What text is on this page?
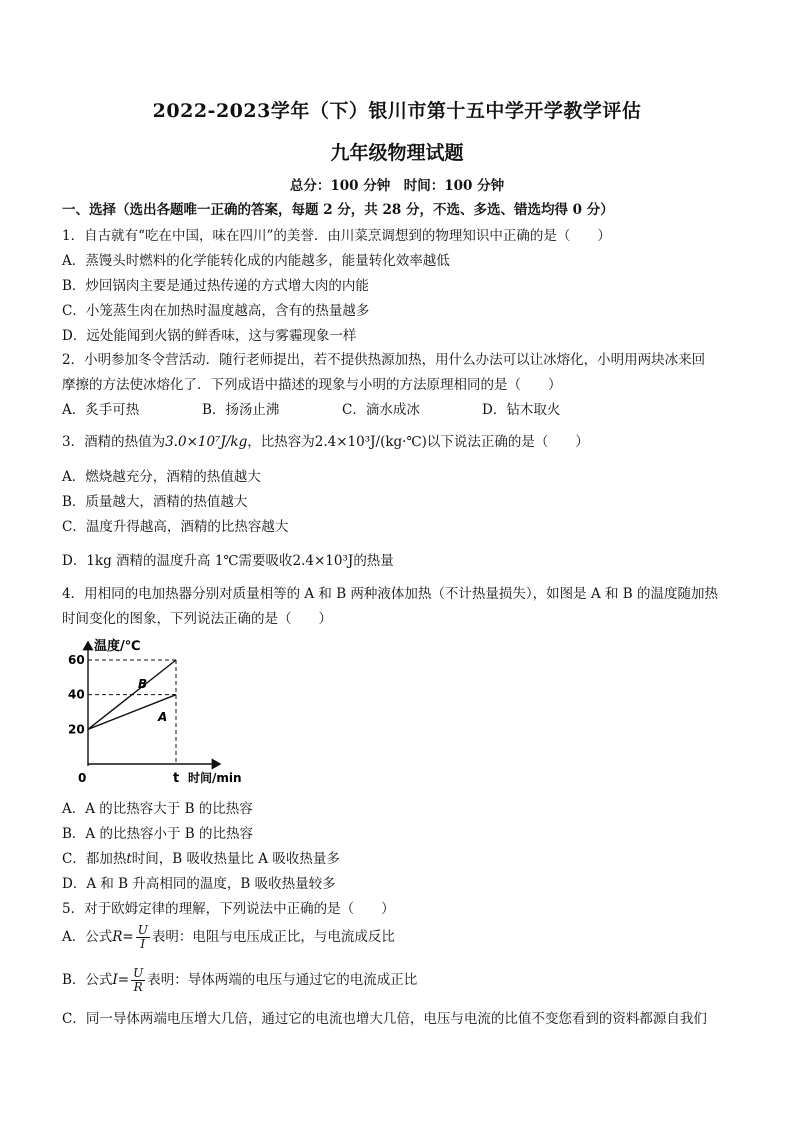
2022-2023学年（下）银川市第十五中学开学教学评估
九年级物理试题
总分：100 分钟　时间：100 分钟
一、选择（选出各题唯一正确的答案，每题 2 分，共 28 分，不选、多选、错选均得 0 分）
1．自古就有“吃在中国，味在四川”的美誉．由川菜烹调想到的物理知识中正确的是（　　）
A．蒸馒头时燃料的化学能转化成的内能越多，能量转化效率越低
B．炒回锅肉主要是通过热传递的方式增大肉的内能
C．小笼蒸生肉在加热时温度越高，含有的热量越多
D．远处能闻到火锅的鲜香味，这与雾霾现象一样
2．小明参加冬令营活动．随行老师提出，若不提供热源加热，用什么办法可以让冰熔化，小明用两块冰来回
摩擦的方法使冰熔化了．下列成语中描述的现象与小明的方法原理相同的是（　　）
A．炙手可热	B．扬汤止沸	C．滴水成冰	D．钻木取火
3．酒精的热值为3.0×10⁷J/kg，比热容为2.4×10³J/(kg·℃)以下说法正确的是（　　）
A．燃烧越充分，酒精的热值越大
B．质量越大，酒精的热值越大
C．温度升得越高，酒精的比热容越大
D．1kg 酒精的温度升高 1℃需要吸收2.4×10³J的热量
4．用相同的电加热器分别对质量相等的 A 和 B 两种液体加热（不计热量损失），如图是 A 和 B 的温度随加热
时间变化的图象，下列说法正确的是（　　）
温度/℃
时间/min
t
0
20
40
60
B
A
A．A 的比热容大于 B 的比热容
B．A 的比热容小于 B 的比热容
C．都加热t时间，B 吸收热量比 A 吸收热量多
D．A 和 B 升高相同的温度，B 吸收热量较多
5．对于欧姆定律的理解，下列说法中正确的是（　　）
A．公式$R= \frac{U}{I}$ 表明：电阻与电压成正比，与电流成反比
B．公式$I= \frac{U}{R}$ 表明：导体两端的电压与通过它的电流成正比
C．同一导体两端电压增大几倍，通过它的电流也增大几倍，电压与电流的比值不变您看到的资料都源自我们
